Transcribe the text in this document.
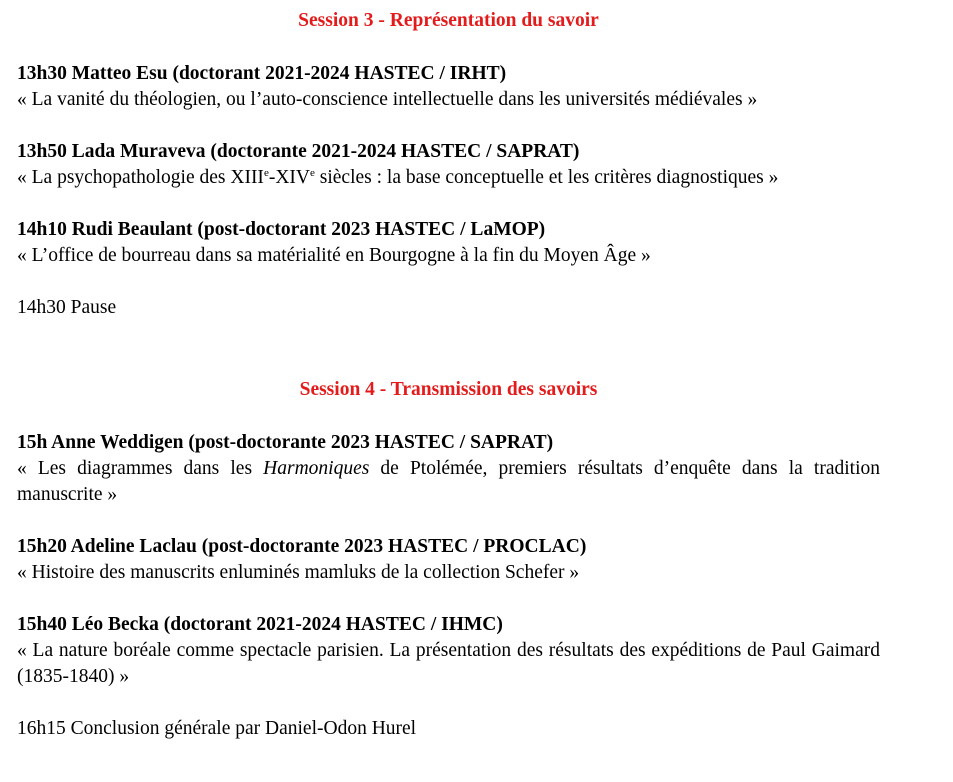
Session 3 - Représentation du savoir

13h30 Matteo Esu (doctorant 2021-2024 HASTEC / IRHT)

« La vanité du théologien, ou l’auto-conscience intellectuelle dans les universités médiévales »

13h50 Lada Muraveva (doctorante 2021-2024 HASTEC / SAPRAT)

« La psychopathologie des XIIIe-XIVe siècles : la base conceptuelle et les critères diagnostiques »

14h10 Rudi Beaulant (post-doctorant 2023 HASTEC / LaMOP)

« L’office de bourreau dans sa matérialité en Bourgogne à la fin du Moyen Âge »

14h30 Pause

Session 4 - Transmission des savoirs

15h Anne Weddigen (post-doctorante 2023 HASTEC / SAPRAT)

« Les diagrammes dans les Harmoniques de Ptolémée, premiers résultats d’enquête dans la tradition manuscrite »

15h20 Adeline Laclau (post-doctorante 2023 HASTEC / PROCLAC)

« Histoire des manuscrits enluminés mamluks de la collection Schefer »

15h40 Léo Becka (doctorant 2021-2024 HASTEC / IHMC)

« La nature boréale comme spectacle parisien. La présentation des résultats des expéditions de Paul Gaimard (1835-1840) »

16h15 Conclusion générale par Daniel-Odon Hurel
